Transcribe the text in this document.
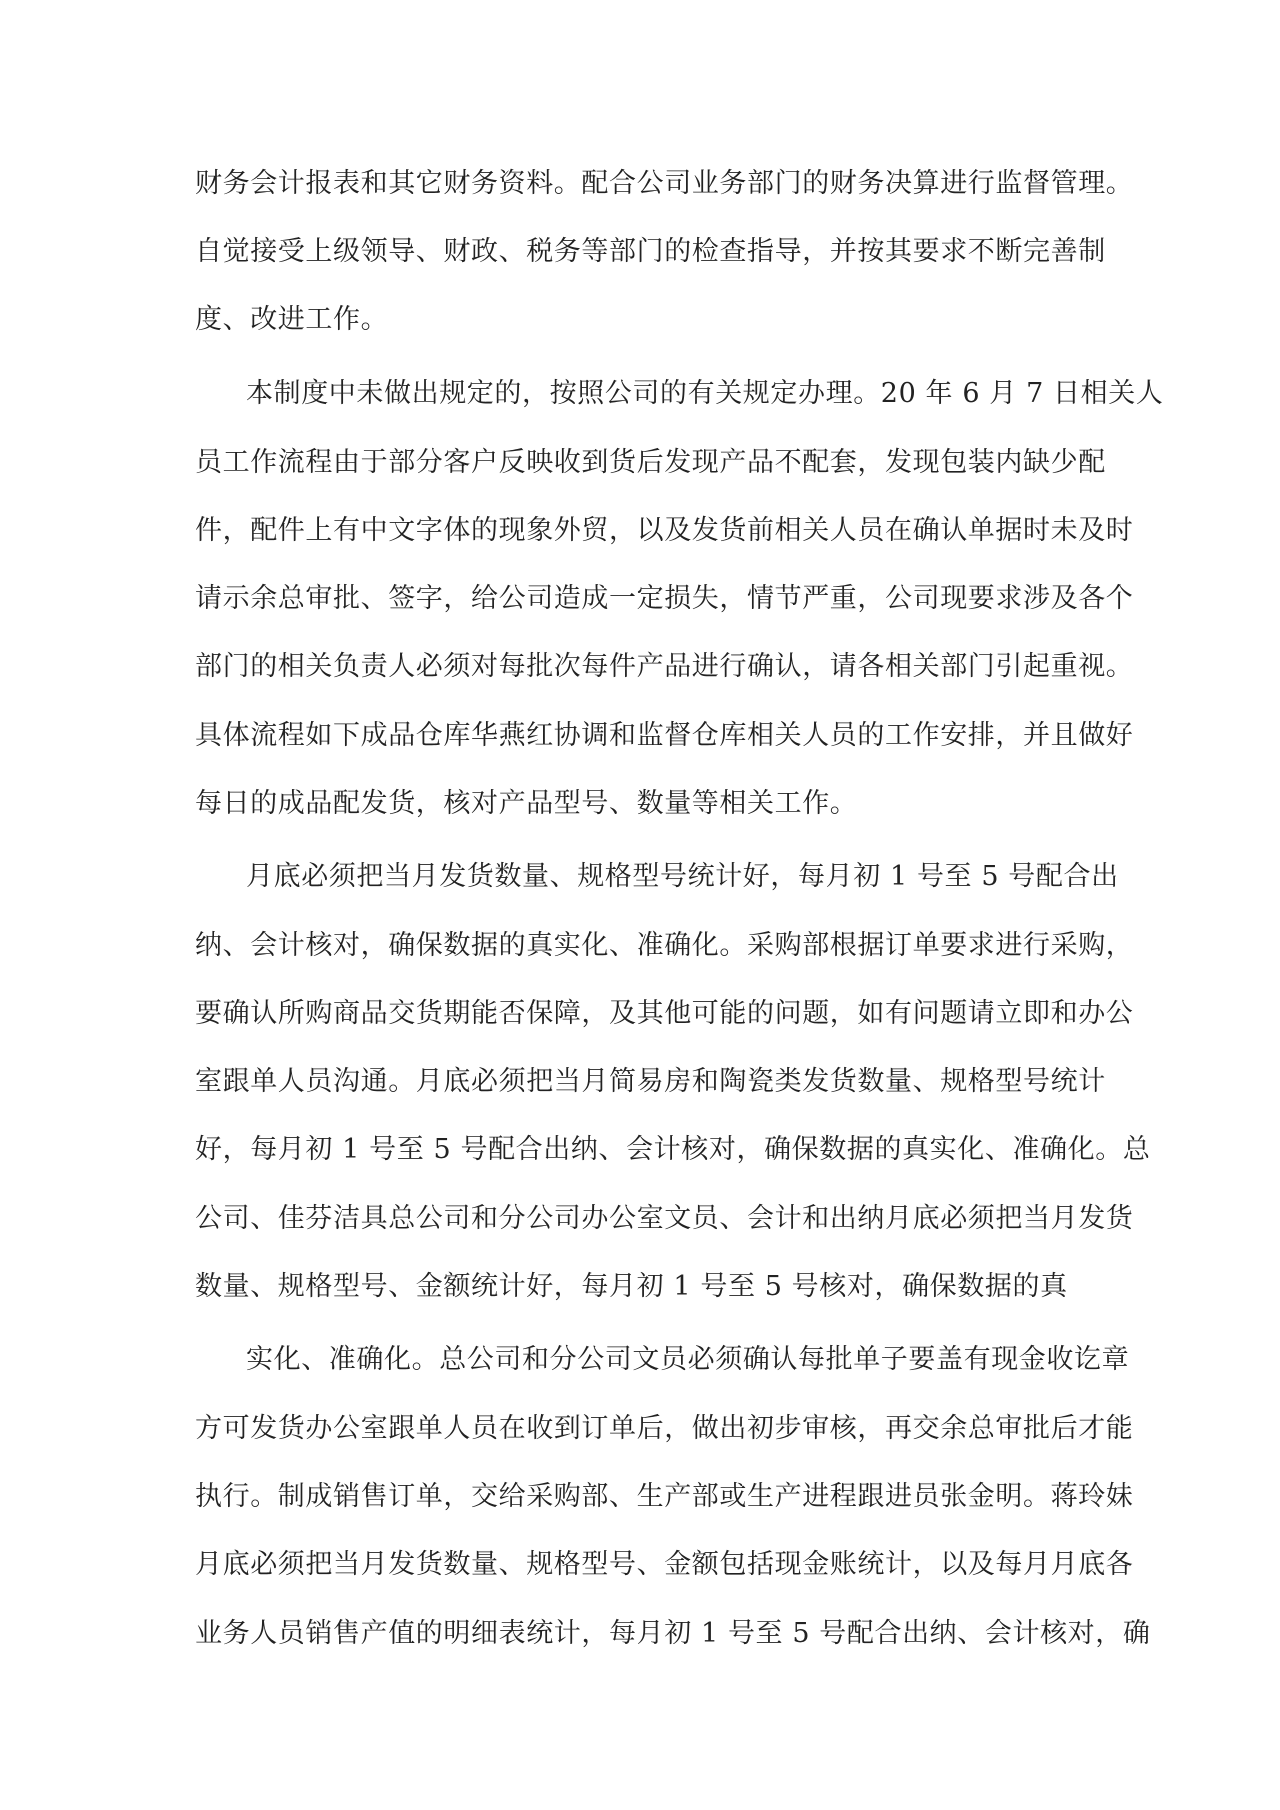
财务会计报表和其它财务资料。配合公司业务部门的财务决算进行监督管理。
自觉接受上级领导、财政、税务等部门的检查指导，并按其要求不断完善制
度、改进工作。
本制度中未做出规定的，按照公司的有关规定办理。20 年 6 月 7 日相关人
员工作流程由于部分客户反映收到货后发现产品不配套，发现包装内缺少配
件，配件上有中文字体的现象外贸，以及发货前相关人员在确认单据时未及时
请示余总审批、签字，给公司造成一定损失，情节严重，公司现要求涉及各个
部门的相关负责人必须对每批次每件产品进行确认，请各相关部门引起重视。
具体流程如下成品仓库华燕红协调和监督仓库相关人员的工作安排，并且做好
每日的成品配发货，核对产品型号、数量等相关工作。
月底必须把当月发货数量、规格型号统计好，每月初 1 号至 5 号配合出
纳、会计核对，确保数据的真实化、准确化。采购部根据订单要求进行采购，
要确认所购商品交货期能否保障，及其他可能的问题，如有问题请立即和办公
室跟单人员沟通。月底必须把当月简易房和陶瓷类发货数量、规格型号统计
好，每月初 1 号至 5 号配合出纳、会计核对，确保数据的真实化、准确化。总
公司、佳芬洁具总公司和分公司办公室文员、会计和出纳月底必须把当月发货
数量、规格型号、金额统计好，每月初 1 号至 5 号核对，确保数据的真
实化、准确化。总公司和分公司文员必须确认每批单子要盖有现金收讫章
方可发货办公室跟单人员在收到订单后，做出初步审核，再交余总审批后才能
执行。制成销售订单，交给采购部、生产部或生产进程跟进员张金明。蒋玲妹
月底必须把当月发货数量、规格型号、金额包括现金账统计，以及每月月底各
业务人员销售产值的明细表统计，每月初 1 号至 5 号配合出纳、会计核对，确
